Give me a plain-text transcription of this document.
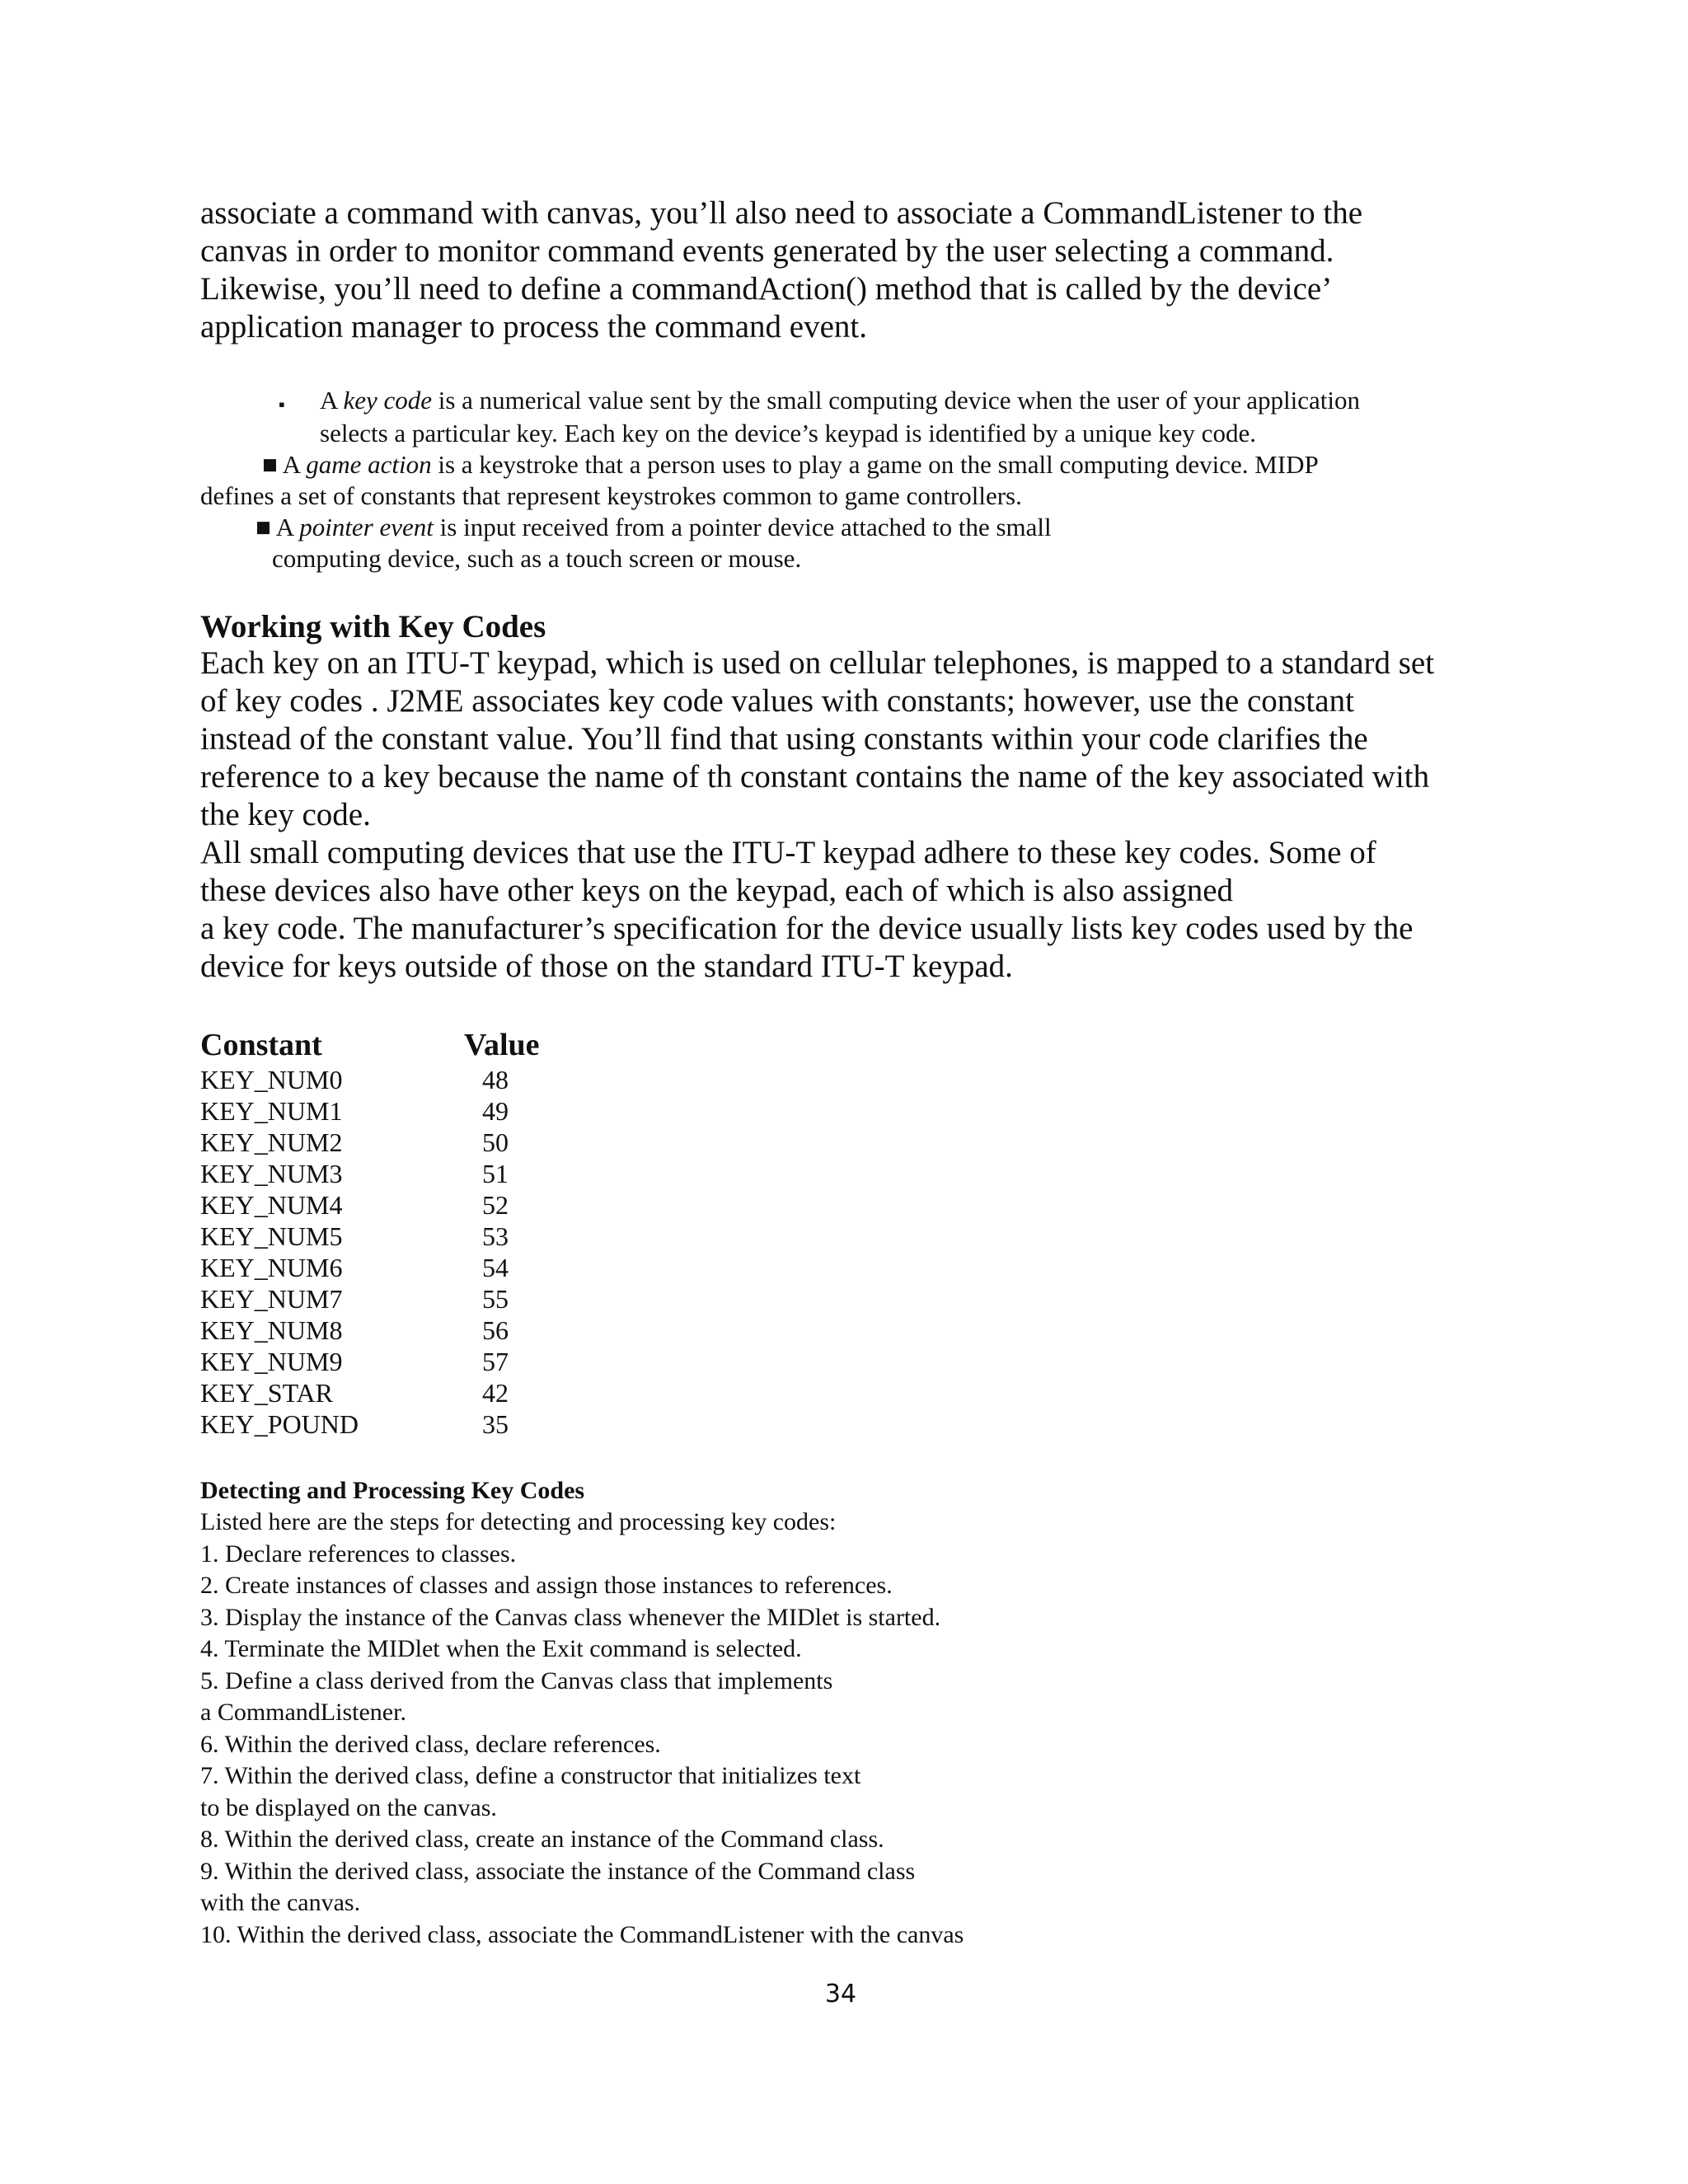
associate a command with canvas, you’ll also need to associate a CommandListener to the
canvas in order to monitor command events generated by the user selecting a command.
Likewise, you’ll need to define a commandAction() method that is called by the device’
application manager to process the command event.

▪ A key code is a numerical value sent by the small computing device when the user of your application

selects a particular key. Each key on the device’s keypad is identified by a unique key code.

■ A game action is a keystroke that a person uses to play a game on the small computing device. MIDP

defines a set of constants that represent keystrokes common to game controllers.

■ A pointer event is input received from a pointer device attached to the small

computing device, such as a touch screen or mouse.

Working with Key Codes

Each key on an ITU-T keypad, which is used on cellular telephones, is mapped to a standard set
of key codes . J2ME associates key code values with constants; however, use the constant
instead of the constant value. You’ll find that using constants within your code clarifies the
reference to a key because the name of th constant contains the name of the key associated with
the key code.

All small computing devices that use the ITU-T keypad adhere to these key codes. Some of
these devices also have other keys on the keypad, each of which is also assigned
a key code. The manufacturer’s specification for the device usually lists key codes used by the
device for keys outside of those on the standard ITU-T keypad.

Constant	Value
KEY_NUM0	48
KEY_NUM1	49
KEY_NUM2	50
KEY_NUM3	51
KEY_NUM4	52
KEY_NUM5	53
KEY_NUM6	54
KEY_NUM7	55
KEY_NUM8	56
KEY_NUM9	57
KEY_STAR	42
KEY_POUND	35
Detecting and Processing Key Codes

Listed here are the steps for detecting and processing key codes:
1. Declare references to classes.
2. Create instances of classes and assign those instances to references.
3. Display the instance of the Canvas class whenever the MIDlet is started.
4. Terminate the MIDlet when the Exit command is selected.
5. Define a class derived from the Canvas class that implements
a CommandListener.
6. Within the derived class, declare references.
7. Within the derived class, define a constructor that initializes text
to be displayed on the canvas.
8. Within the derived class, create an instance of the Command class.
9. Within the derived class, associate the instance of the Command class
with the canvas.
10. Within the derived class, associate the CommandListener with the canvas

34
